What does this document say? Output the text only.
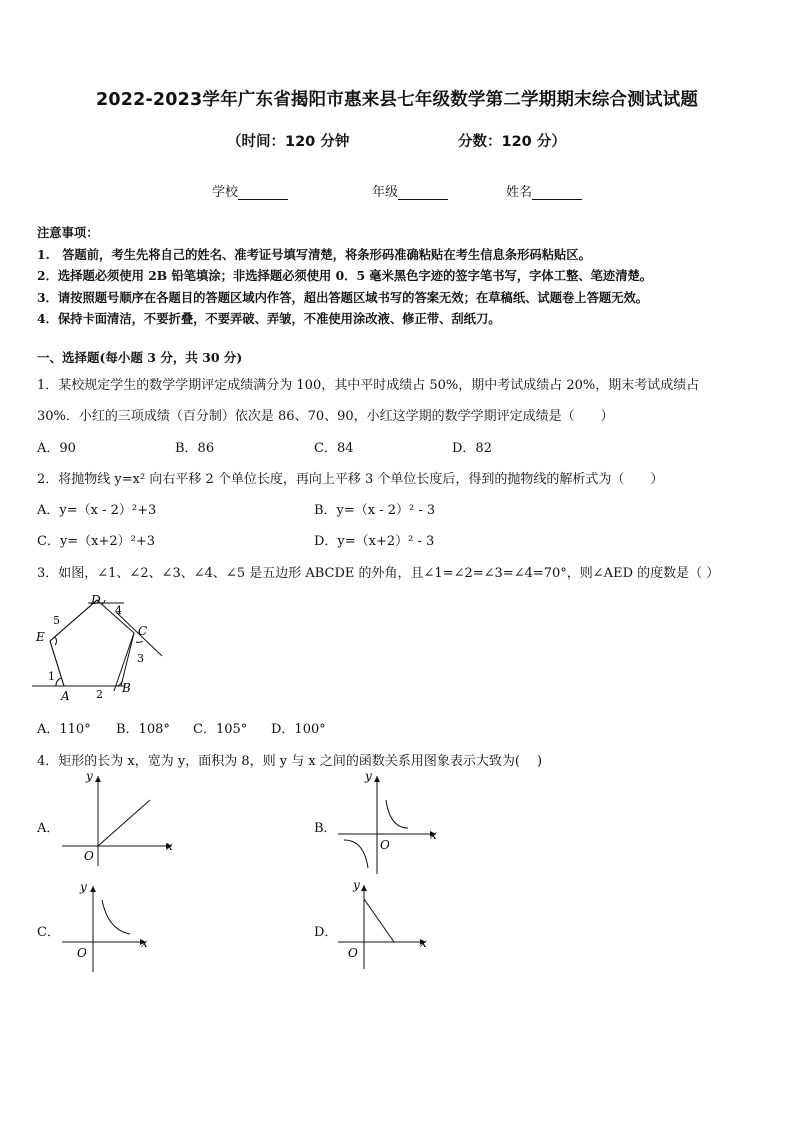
2022-2023学年广东省揭阳市惠来县七年级数学第二学期期末综合测试试题
（时间：120 分钟	分数：120 分）
学校	年级	姓名
注意事项：
1.　答题前，考生先将自己的姓名、准考证号填写清楚，将条形码准确粘贴在考生信息条形码粘贴区。
2．选择题必须使用 2B 铅笔填涂；非选择题必须使用 0．5 毫米黑色字迹的签字笔书写，字体工整、笔迹清楚。
3．请按照题号顺序在各题目的答题区域内作答，超出答题区域书写的答案无效；在草稿纸、试题卷上答题无效。
4．保持卡面清洁，不要折叠，不要弄破、弄皱，不准使用涂改液、修正带、刮纸刀。
一、选择题(每小题 3 分，共 30 分)
1．某校规定学生的数学学期评定成绩满分为 100，其中平时成绩占 50%，期中考试成绩占 20%，期末考试成绩占
30%．小红的三项成绩（百分制）依次是 86、70、90，小红这学期的数学学期评定成绩是（　　）
A．90	B．86	C．84	D．82
2．将抛物线 y=x² 向右平移 2 个单位长度，再向上平移 3 个单位长度后，得到的抛物线的解析式为（　　）
A．y=（x - 2）²+3	B．y=（x - 2）² - 3
C．y=（x+2）²+3	D．y=（x+2）² - 3
3．如图，∠1、∠2、∠3、∠4、∠5 是五边形 ABCDE 的外角，且∠1=∠2=∠3=∠4=70°，则∠AED 的度数是（ ）
D
4
C
3
E
5
1
A 2 B
A．110° B．108° C．105° D．100°
4．矩形的长为 x，宽为 y，面积为 8，则 y 与 x 之间的函数关系用图象表示大致为(　 )
A．
y
x
O
B．
y
x
O
C．
y
x
O
D．
y
x
O
